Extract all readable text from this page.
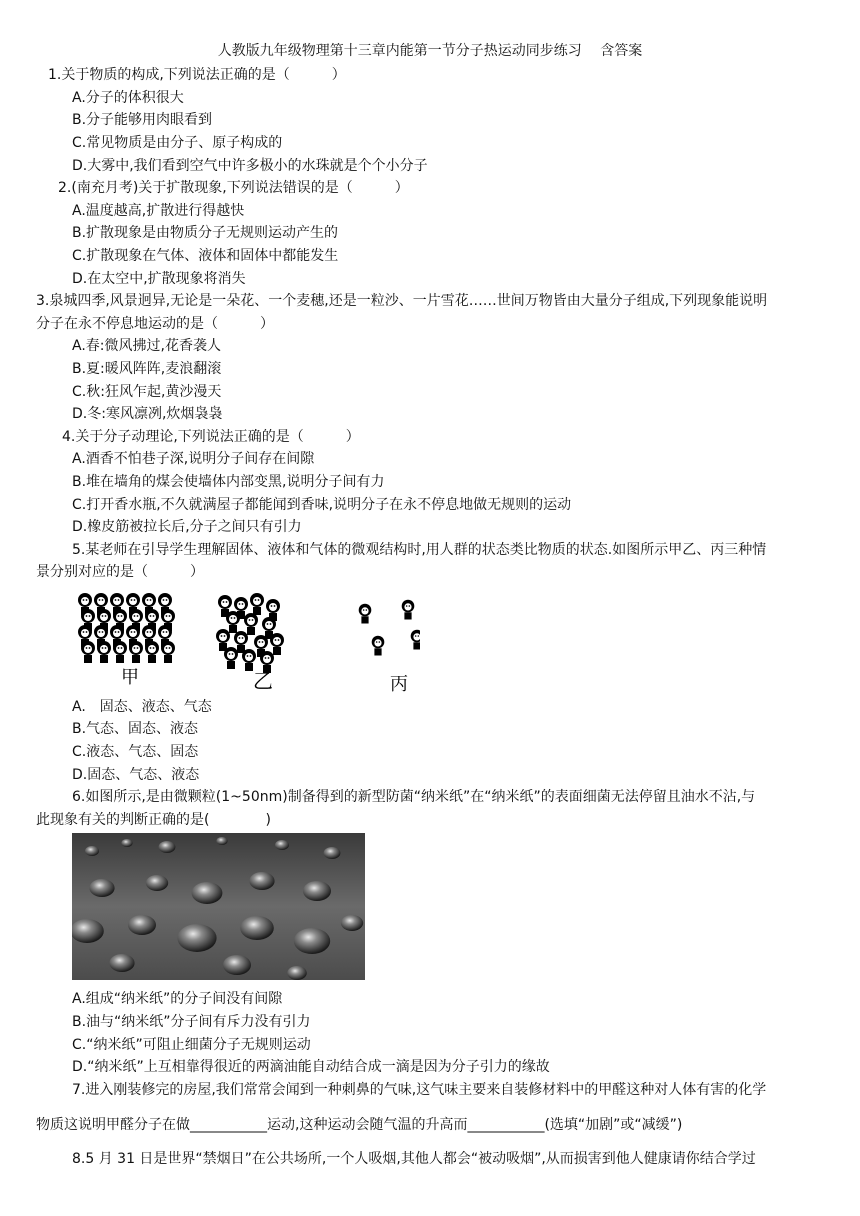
人教版九年级物理第十三章内能第一节分子热运动同步练习　 含答案
1.关于物质的构成,下列说法正确的是（　　　）
A.分子的体积很大
B.分子能够用肉眼看到
C.常见物质是由分子、原子构成的
D.大雾中,我们看到空气中许多极小的水珠就是个个小分子
2.(南充月考)关于扩散现象,下列说法错误的是（　　　）
A.温度越高,扩散进行得越快
B.扩散现象是由物质分子无规则运动产生的
C.扩散现象在气体、液体和固体中都能发生
D.在太空中,扩散现象将消失
3.泉城四季,风景迥异,无论是一朵花、一个麦穗,还是一粒沙、一片雪花……世间万物皆由大量分子组成,下列现象能说明
分子在永不停息地运动的是（　　　）
A.春:微风拂过,花香袭人
B.夏:暖风阵阵,麦浪翻滚
C.秋:狂风乍起,黄沙漫天
D.冬:寒风凛冽,炊烟袅袅
4.关于分子动理论,下列说法正确的是（　　　）
A.酒香不怕巷子深,说明分子间存在间隙
B.堆在墙角的煤会使墙体内部变黑,说明分子间有力
C.打开香水瓶,不久就满屋子都能闻到香味,说明分子在永不停息地做无规则的运动
D.橡皮筋被拉长后,分子之间只有引力
5.某老师在引导学生理解固体、液体和气体的微观结构时,用人群的状态类比物质的状态.如图所示甲乙、丙三种情
景分别对应的是（　　　）
甲	乙	丙
A.　固态、液态、气态
B.气态、固态、液态
C.液态、气态、固态
D.固态、气态、液态
6.如图所示,是由微颗粒(1~50nm)制备得到的新型防菌“纳米纸”在“纳米纸”的表面细菌无法停留且油水不沾,与
此现象有关的判断正确的是(　　　　)
A.组成“纳米纸”的分子间没有间隙
B.油与“纳米纸”分子间有斥力没有引力
C.“纳米纸”可阻止细菌分子无规则运动
D.“纳米纸”上互相靠得很近的两滴油能自动结合成一滴是因为分子引力的缘故
7.进入刚装修完的房屋,我们常常会闻到一种刺鼻的气味,这气味主要来自装修材料中的甲醛这种对人体有害的化学
物质这说明甲醛分子在做___________运动,这种运动会随气温的升高而___________(选填“加剧”或“减缓”)
8.5 月 31 日是世界“禁烟日”在公共场所,一个人吸烟,其他人都会“被动吸烟”,从而损害到他人健康请你结合学过
